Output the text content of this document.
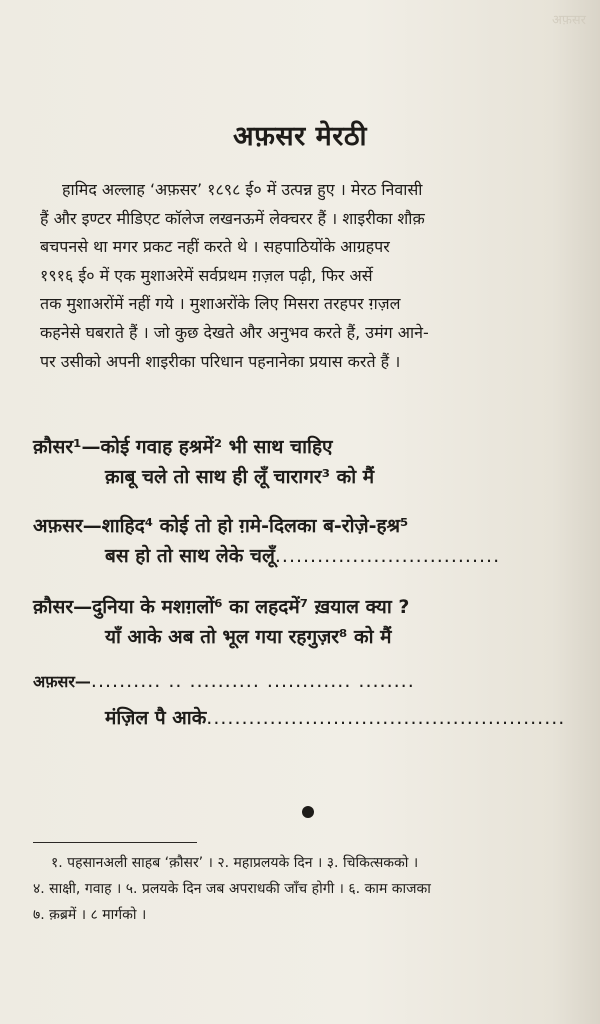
अफ़सर
अफ़सर मेरठी
हामिद अल्लाह ‘अफ़सर’ १८९८ ई० में उत्पन्न हुए । मेरठ निवासी
हैं और इण्टर मीडिएट कॉलेज लखनऊमें लेक्चरर हैं । शाइरीका शौक़
बचपनसे था मगर प्रकट नहीं करते थे । सहपाठियोंके आग्रहपर
१९१६ ई० में एक मुशाअरेमें सर्वप्रथम ग़ज़ल पढ़ी, फिर अर्से
तक मुशाअरोंमें नहीं गये । मुशाअरोंके लिए मिसरा तरहपर ग़ज़ल
कहनेसे घबराते हैं । जो कुछ देखते और अनुभव करते हैं, उमंग आने-
पर उसीको अपनी शाइरीका परिधान पहनानेका प्रयास करते हैं ।
क़ौसर¹—कोई गवाह हश्रमें² भी साथ चाहिए
क़ाबू चले तो साथ ही लूँ चारागर³ को मैं
अफ़सर—शाहिद⁴ कोई तो हो ग़मे-दिलका ब-रोज़े-हश्र⁵
बस हो तो साथ लेके चलूँ................................
क़ौसर—दुनिया के मशग़लों⁶ का लहदमें⁷ ख़याल क्या ?
याँ आके अब तो भूल गया रहगुज़र⁸ को मैं
अफ़सर—.......... .. .......... ............ ........
मंज़िल पै आके...................................................
१. पहसानअली साहब ‘क़ौसर’ । २. महाप्रलयके दिन । ३. चिकित्सकको ।
४. साक्षी, गवाह । ५. प्रलयके दिन जब अपराधकी जाँच होगी । ६. काम काजका
७. क़ब्रमें । ८ मार्गको ।
